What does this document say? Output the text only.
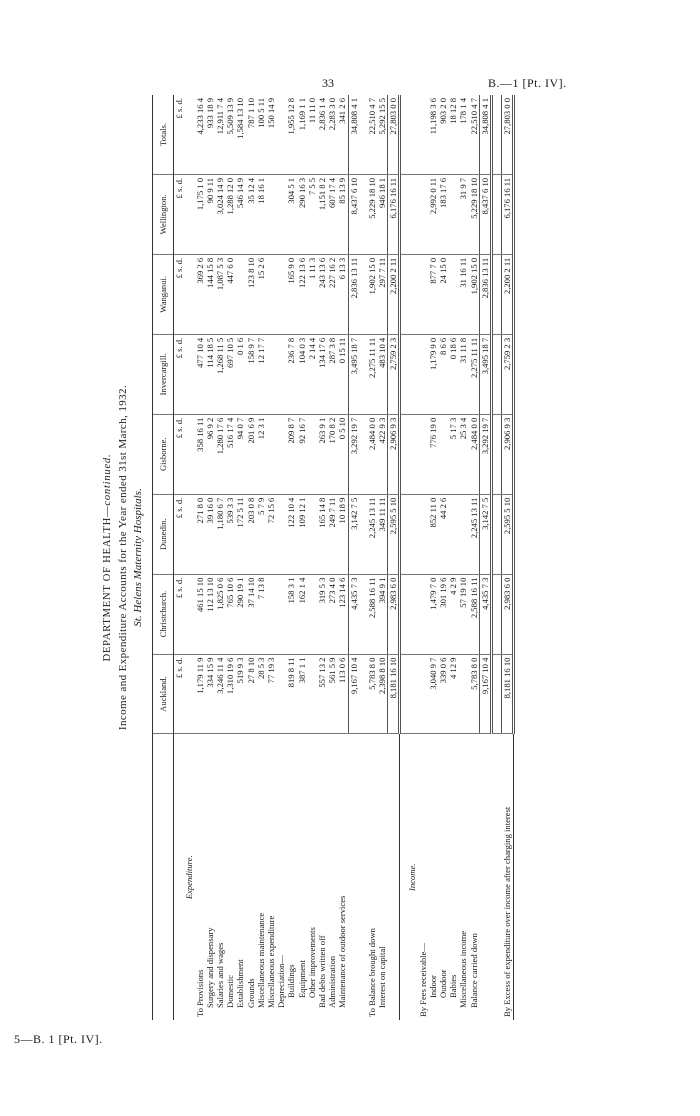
33	B.—1 [Pt. IV].
5—B. 1 [Pt. IV].
DEPARTMENT OF HEALTH—continued. Income and Expenditure Accounts for the Year ended 31st March, 1932. St. Helens Maternity Hospitals.
	Auckland.	Christchurch.	Dunedin.	Gisborne.	Invercargill.	Wanganui.	Wellington.	Totals.
	£ s. d.	£ s. d.	£ s. d.	£ s. d.	£ s. d.	£ s. d.	£ s. d.	£ s. d.
Expenditure.								
To Provisions	1,179 11 9	461 15 10	271 8 0	358 16 11	477 10 4	369 2 6	1,175 1 0	4,233 16 4
Surgery and dispensary	334 15 9	112 13 10	39 16 0	96 9 2	114 18 5	144 15 8	90 9 11	933 18 9
Salaries and wages	3,246 11 4	1,825 0 6	1,180 6 7	1,280 17 6	1,268 11 5	1,087 5 3	3,024 14 9	12,911 7 4
Domestic	1,310 19 6	765 10 6	539 3 3	516 17 4	697 10 5	447 6 0	1,288 12 0	5,509 13 9
Establishment	519 9 3	290 19 1	172 5 11	94 0 7	0 1 6		546 14 9	1,584 13 10
Grounds	27 8 10	37 14 10	203 0 8	201 6 9	158 9 7	123 8 10	35 12 4	787 1 10
Miscellaneous maintenance	28 5 3	7 13 8	5 7 9	12 3 1	12 17 7	15 2 6	18 16 1	100 5 11
Miscellaneous expenditure	77 19 3		72 15 6					150 14 9
Depreciation—								
Buildings	819 8 11	158 3 1	122 10 4	209 8 7	236 7 8	165 9 0	304 5 1	1,955 12 8
Equipment	387 1 1	162 1 4	109 12 1	92 16 7	104 0 3	122 13 6	290 16 3	1,169 1 1
Other improvements					2 14 4	1 11 3	7 5 5	11 11 0
Bad debts written off	557 13 2	319 5 3	165 14 8	263 9 1	134 17 6	243 13 6	1,151 8 2	2,836 1 4
Administration	561 5 9	273 4 0	249 7 11	170 8 2	287 3 8	227 16 2	607 17 4	2,283 3 0
Maintenance of outdoor services	113 0 6	123 14 6	10 18 9	0 5 10	0 15 11	6 13 3	85 13 9	341 2 6
	9,167 10 4	4,435 7 3	3,142 7 5	3,292 19 7	3,495 18 7	2,836 13 11	8,437 6 10	34,808 4 1

To Balance brought down	5,783 8 0	2,588 16 11	2,245 13 11	2,484 0 0	2,275 11 11	1,902 15 0	5,229 18 10	22,510 4 7
Interest on capital	2,398 8 10	394 9 1	349 11 11	422 9 3	483 10 4	297 7 11	946 18 1	5,292 15 5
	8,181 16 10	2,983 6 0	2,595 5 10	2,906 9 3	2,759 2 3	2,200 2 11	6,176 16 11	27,803 0 0

Income.								
By Fees receivable—								
Indoor	3,040 9 7	1,479 7 0	852 11 0	776 19 0	1,179 9 0	877 7 0	2,992 0 11	11,198 3 6
Outdoor	339 0 6	301 19 6	44 2 6		8 6 6	24 15 0	183 17 6	903 2 0
Babies	4 12 9	4 2 9		5 17 3	0 18 6			18 12 8
Miscellaneous income		57 19 10		25 3 4	31 11 8	31 16 11	31 9 7	178 1 4
Balance carried down	5,783 8 0	2,588 16 11	2,245 13 11	2,484 0 0	2,275 11 11	1,902 15 0	5,229 18 10	22,510 4 7
	9,167 10 4	4,435 7 3	3,142 7 5	3,292 19 7	3,495 18 7	2,836 13 11	8,437 6 10	34,808 4 1

By Excess of expenditure over income after charging interest	8,181 16 10	2,983 6 0	2,595 5 10	2,906 9 3	2,759 2 3	2,200 2 11	6,176 16 11	27,803 0 0
